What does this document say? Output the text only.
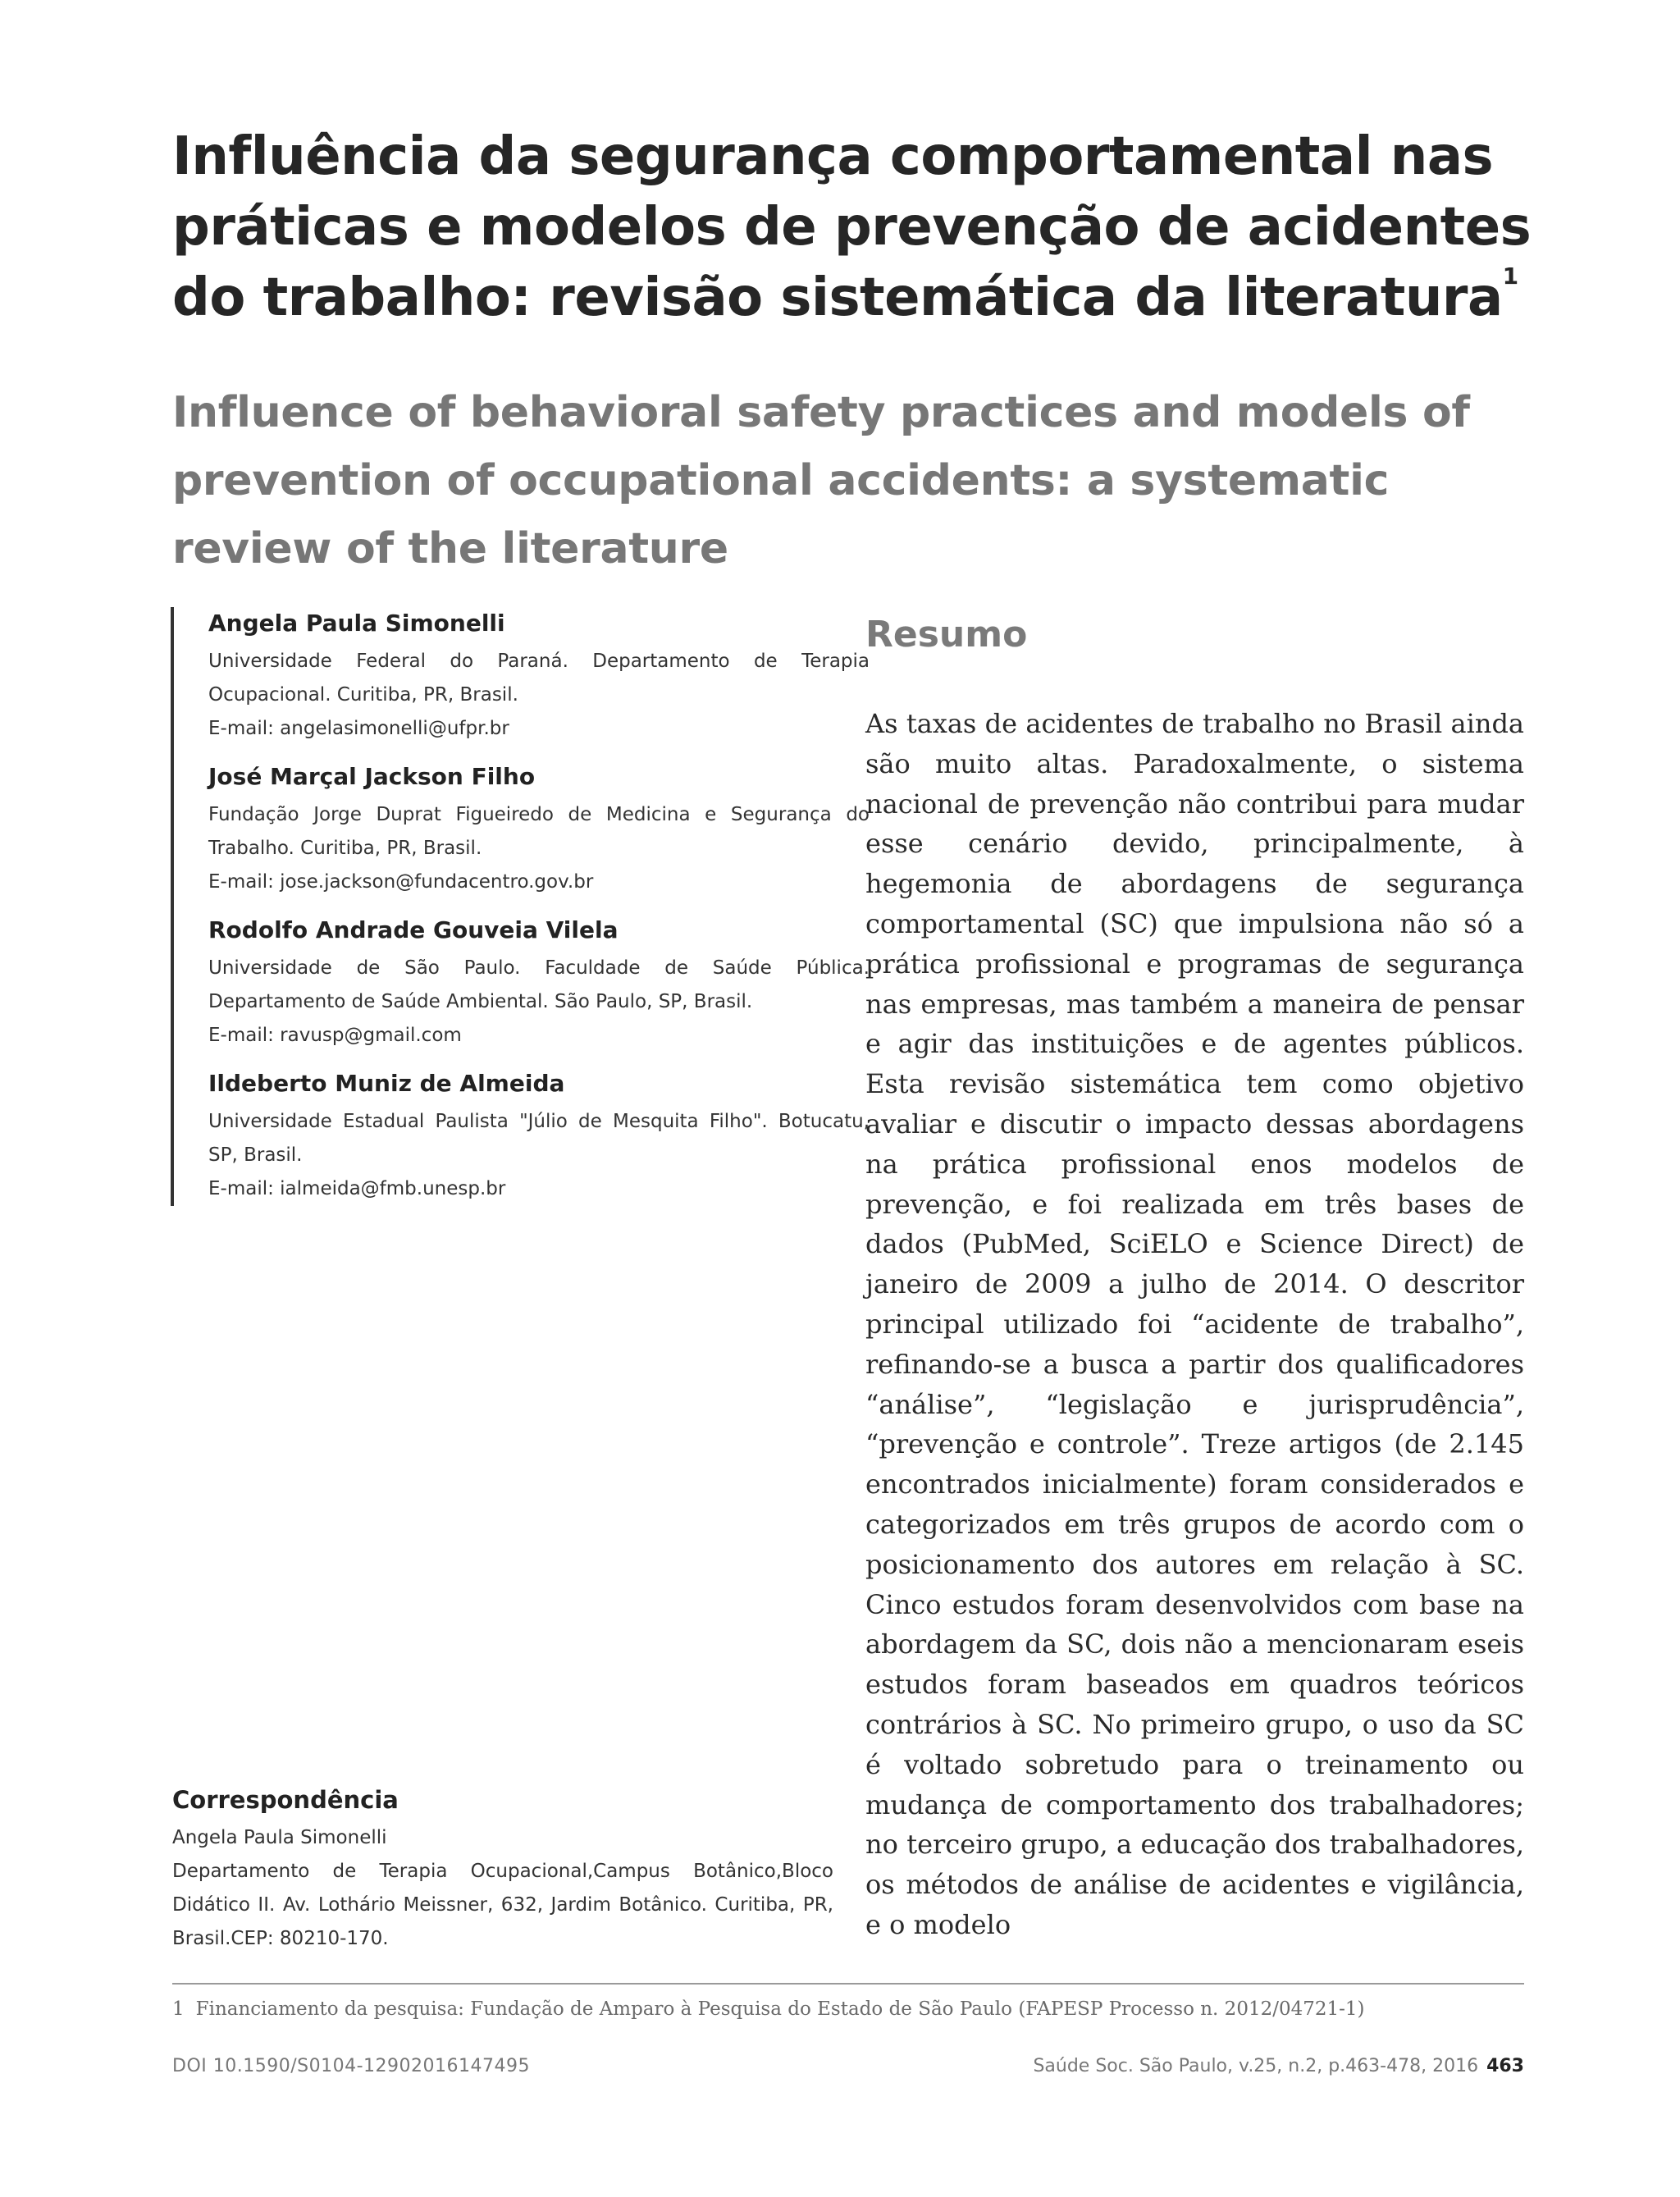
Influência da segurança comportamental nas práticas e modelos de prevenção de acidentes do trabalho: revisão sistemática da literatura$^1$
Influence of behavioral safety practices and models of prevention of occupational accidents: a systematic review of the literature
Angela Paula Simonelli
Universidade Federal do Paraná. Departamento de Terapia Ocupacional. Curitiba, PR, Brasil.
E-mail: angelasimonelli@ufpr.br
José Marçal Jackson Filho
Fundação Jorge Duprat Figueiredo de Medicina e Segurança do Trabalho. Curitiba, PR, Brasil.
E-mail: jose.jackson@fundacentro.gov.br
Rodolfo Andrade Gouveia Vilela
Universidade de São Paulo. Faculdade de Saúde Pública. Departamento de Saúde Ambiental. São Paulo, SP, Brasil.
E-mail: ravusp@gmail.com
Ildeberto Muniz de Almeida
Universidade Estadual Paulista "Júlio de Mesquita Filho". Botucatu, SP, Brasil.
E-mail: ialmeida@fmb.unesp.br
Correspondência
Angela Paula Simonelli
Departamento de Terapia Ocupacional,Campus Botânico,Bloco Didático II. Av. Lothário Meissner, 632, Jardim Botânico. Curitiba, PR, Brasil.CEP: 80210-170.
Resumo

As taxas de acidentes de trabalho no Brasil ainda são muito altas. Paradoxalmente, o sistema nacional de prevenção não contribui para mudar esse cenário devido, principalmente, à hegemonia de abordagens de segurança comportamental (SC) que impulsiona não só a prática profissional e programas de segurança nas empresas, mas também a maneira de pensar e agir das instituições e de agentes públicos. Esta revisão sistemática tem como objetivo avaliar e discutir o impacto dessas abordagens na prática profissional enos modelos de prevenção, e foi realizada em três bases de dados (PubMed, SciELO e Science Direct) de janeiro de 2009 a julho de 2014. O descritor principal utilizado foi “acidente de trabalho”, refinando-se a busca a partir dos qualificadores “análise”, “legislação e jurisprudência”, “prevenção e controle”. Treze artigos (de 2.145 encontrados inicialmente) foram considerados e categorizados em três grupos de acordo com o posicionamento dos autores em relação à SC. Cinco estudos foram desenvolvidos com base na abordagem da SC, dois não a mencionaram eseis estudos foram baseados em quadros teóricos contrários à SC. No primeiro grupo, o uso da SC é voltado sobretudo para o treinamento ou mudança de comportamento dos trabalhadores; no terceiro grupo, a educação dos trabalhadores, os métodos de análise de acidentes e vigilância, e o modelo

1 Financiamento da pesquisa: Fundação de Amparo à Pesquisa do Estado de São Paulo (FAPESP Processo n. 2012/04721-1)
DOI 10.1590/S0104-12902016147495	Saúde Soc. São Paulo, v.25, n.2, p.463-478, 2016 463
